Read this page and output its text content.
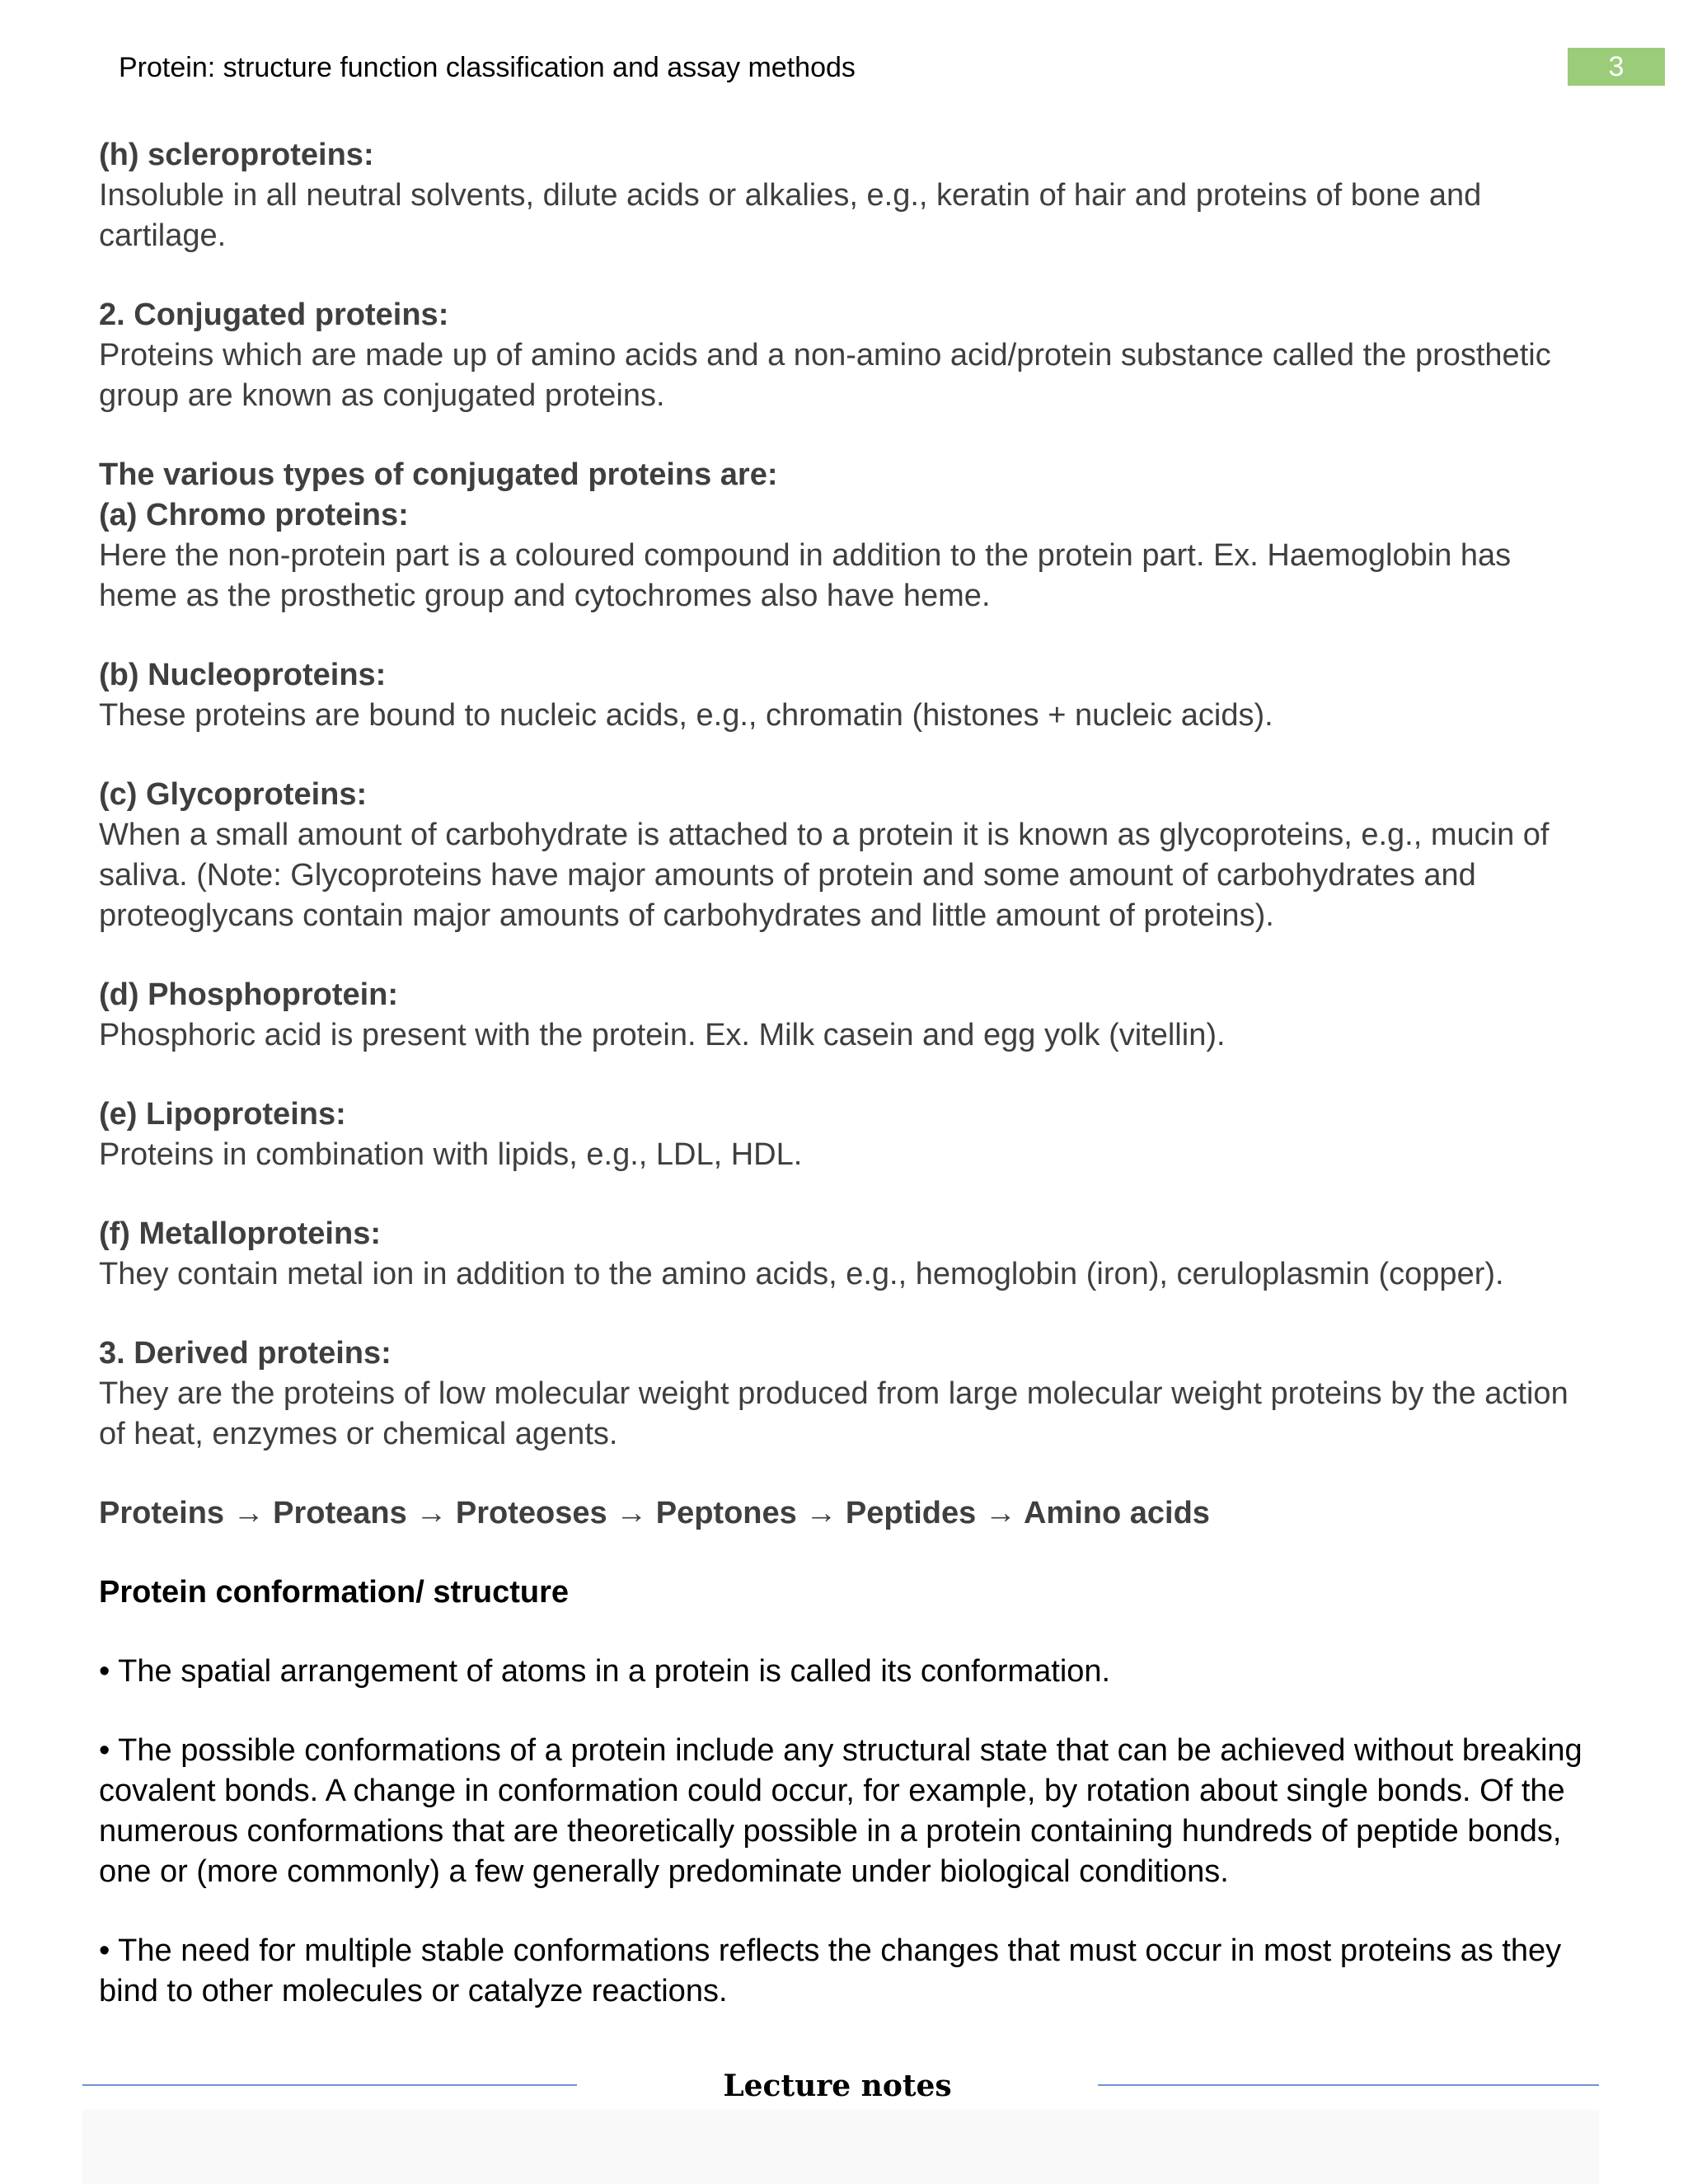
Protein: structure function classification and assay methods	3

(h) scleroproteins:

Insoluble in all neutral solvents, dilute acids or alkalies, e.g., keratin of hair and proteins of bone and cartilage.

2. Conjugated proteins:

Proteins which are made up of amino acids and a non-amino acid/protein substance called the prosthetic group are known as conjugated proteins.

The various types of conjugated proteins are:

(a) Chromo proteins:

Here the non-protein part is a coloured compound in addition to the protein part. Ex. Haemoglobin has heme as the prosthetic group and cytochromes also have heme.

(b) Nucleoproteins:

These proteins are bound to nucleic acids, e.g., chromatin (histones + nucleic acids).

(c) Glycoproteins:

When a small amount of carbohydrate is attached to a protein it is known as glycoproteins, e.g., mucin of saliva. (Note: Glycoproteins have major amounts of protein and some amount of carbohydrates and proteoglycans contain major amounts of carbohydrates and little amount of proteins).

(d) Phosphoprotein:

Phosphoric acid is present with the protein. Ex. Milk casein and egg yolk (vitellin).

(e) Lipoproteins:

Proteins in combination with lipids, e.g., LDL, HDL.

(f) Metalloproteins:

They contain metal ion in addition to the amino acids, e.g., hemoglobin (iron), ceruloplasmin (copper).

3. Derived proteins:

They are the proteins of low molecular weight produced from large molecular weight proteins by the action of heat, enzymes or chemical agents.

Proteins → Proteans → Proteoses → Peptones → Peptides → Amino acids

Protein conformation/ structure

• The spatial arrangement of atoms in a protein is called its conformation.

• The possible conformations of a protein include any structural state that can be achieved without breaking covalent bonds. A change in conformation could occur, for example, by rotation about single bonds. Of the numerous conformations that are theoretically possible in a protein containing hundreds of peptide bonds, one or (more commonly) a few generally predominate under biological conditions.

• The need for multiple stable conformations reflects the changes that must occur in most proteins as they bind to other molecules or catalyze reactions.

Lecture notes
